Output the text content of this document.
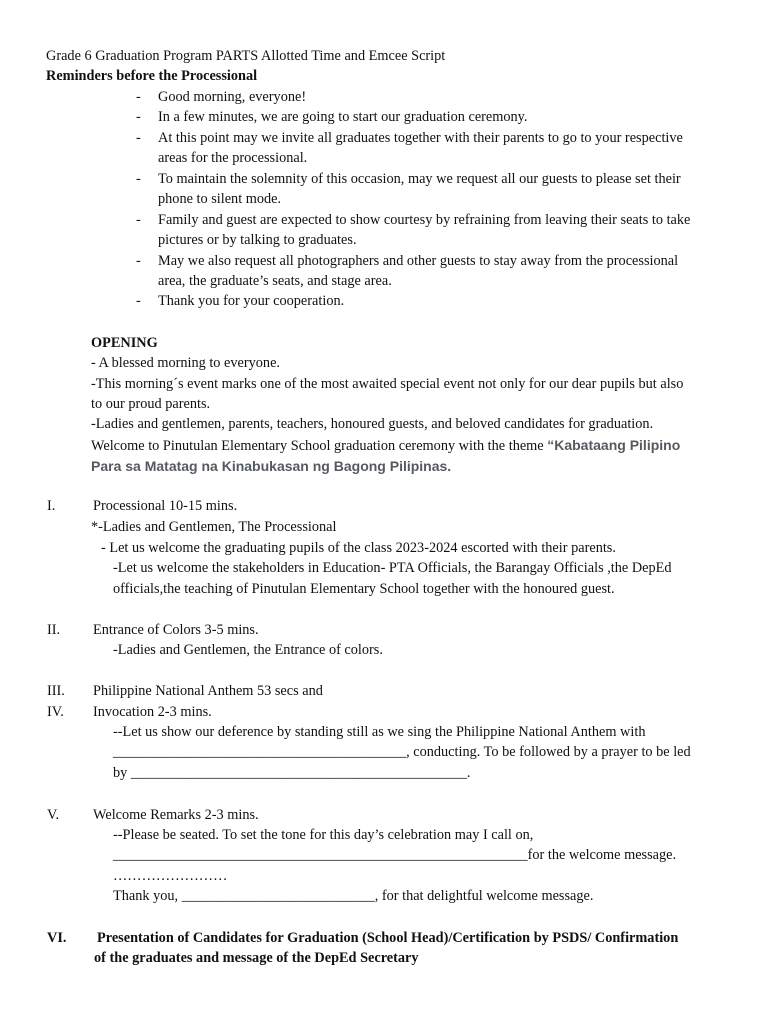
Grade 6 Graduation Program PARTS Allotted Time and Emcee Script
Reminders before the Processional
- Good morning, everyone!
- In a few minutes, we are going to start our graduation ceremony.
- At this point may we invite all graduates together with their parents to go to your respective
areas for the processional.
- To maintain the solemnity of this occasion, may we request all our guests to please set their
phone to silent mode.
- Family and guest are expected to show courtesy by refraining from leaving their seats to take
pictures or by talking to graduates.
- May we also request all photographers and other guests to stay away from the processional
area, the graduate’s seats, and stage area.
- Thank you for your cooperation.
OPENING
- A blessed morning to everyone.
-This morning´s event marks one of the most awaited special event not only for our dear pupils but also
to our proud parents.
-Ladies and gentlemen, parents, teachers, honoured guests, and beloved candidates for graduation.
Welcome to Pinutulan Elementary School graduation ceremony with the theme “Kabataang Pilipino
Para sa Matatag na Kinabukasan ng Bagong Pilipinas.
I.	Processional 10-15 mins.
*-Ladies and Gentlemen, The Processional
- Let us welcome the graduating pupils of the class 2023-2024 escorted with their parents.
-Let us welcome the stakeholders in Education- PTA Officials, the Barangay Officials ,the DepEd
officials,the teaching of Pinutulan Elementary School together with the honoured guest.
II. Entrance of Colors 3-5 mins.
-Ladies and Gentlemen, the Entrance of colors.
III. Philippine National Anthem 53 secs and
IV. Invocation 2-3 mins.
--Let us show our deference by standing still as we sing the Philippine National Anthem with
_________________________________________, conducting. To be followed by a prayer to be led
by _______________________________________________.
V. Welcome Remarks 2-3 mins.
--Please be seated. To set the tone for this day’s celebration may I call on,
__________________________________________________________for the welcome message.
……………………
Thank you, ___________________________, for that delightful welcome message.
VI. Presentation of Candidates for Graduation (School Head)/Certification by PSDS/ Confirmation
of the graduates and message of the DepEd Secretary
